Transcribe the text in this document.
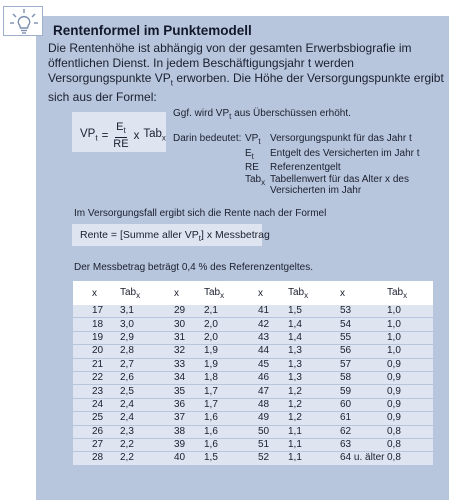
Rentenformel im Punktemodell
Die Rentenhöhe ist abhängig von der gesamten Erwerbsbiografie im öffentlichen Dienst. In jedem Beschäftigungsjahr t werden Versorgungspunkte $VP_t$ erworben. Die Höhe der Versorgungspunkte ergibt sich aus der Formel:
$VP_t = \frac{E_t}{RE}$ x Tab$_x$
Ggf. wird $VP_t$ aus Überschüssen erhöht.
Darin bedeutet: $VP_t$ Versorgungspunkt für das Jahr t
$E_t$	Entgelt des Versicherten im Jahr t
RE	Referenzentgelt
Tab$_x$ Tabellenwert für das Alter x des Versicherten im Jahr
Im Versorgungsfall ergibt sich die Rente nach der Formel
Rente = [Summe aller $VP_t$] x Messbetrag
Der Messbetrag beträgt 0,4 % des Referenzentgeltes.
x	Tab$_x$	x	Tab$_x$	x	Tab$_x$	x	Tab$_x$
17	3,1	29	2,1	41	1,5	53	1,0
18	3,0	30	2,0	42	1,4	54	1,0
19	2,9	31	2,0	43	1,4	55	1,0
20	2,8	32	1,9	44	1,3	56	1,0
21	2,7	33	1,9	45	1,3	57	0,9
22	2,6	34	1,8	46	1,3	58	0,9
23	2,5	35	1,7	47	1,2	59	0,9
24	2,4	36	1,7	48	1,2	60	0,9
25	2,4	37	1,6	49	1,2	61	0,9
26	2,3	38	1,6	50	1,1	62	0,8
27	2,2	39	1,6	51	1,1	63	0,8
28	2,2	40	1,5	52	1,1	64 u. älter	0,8
